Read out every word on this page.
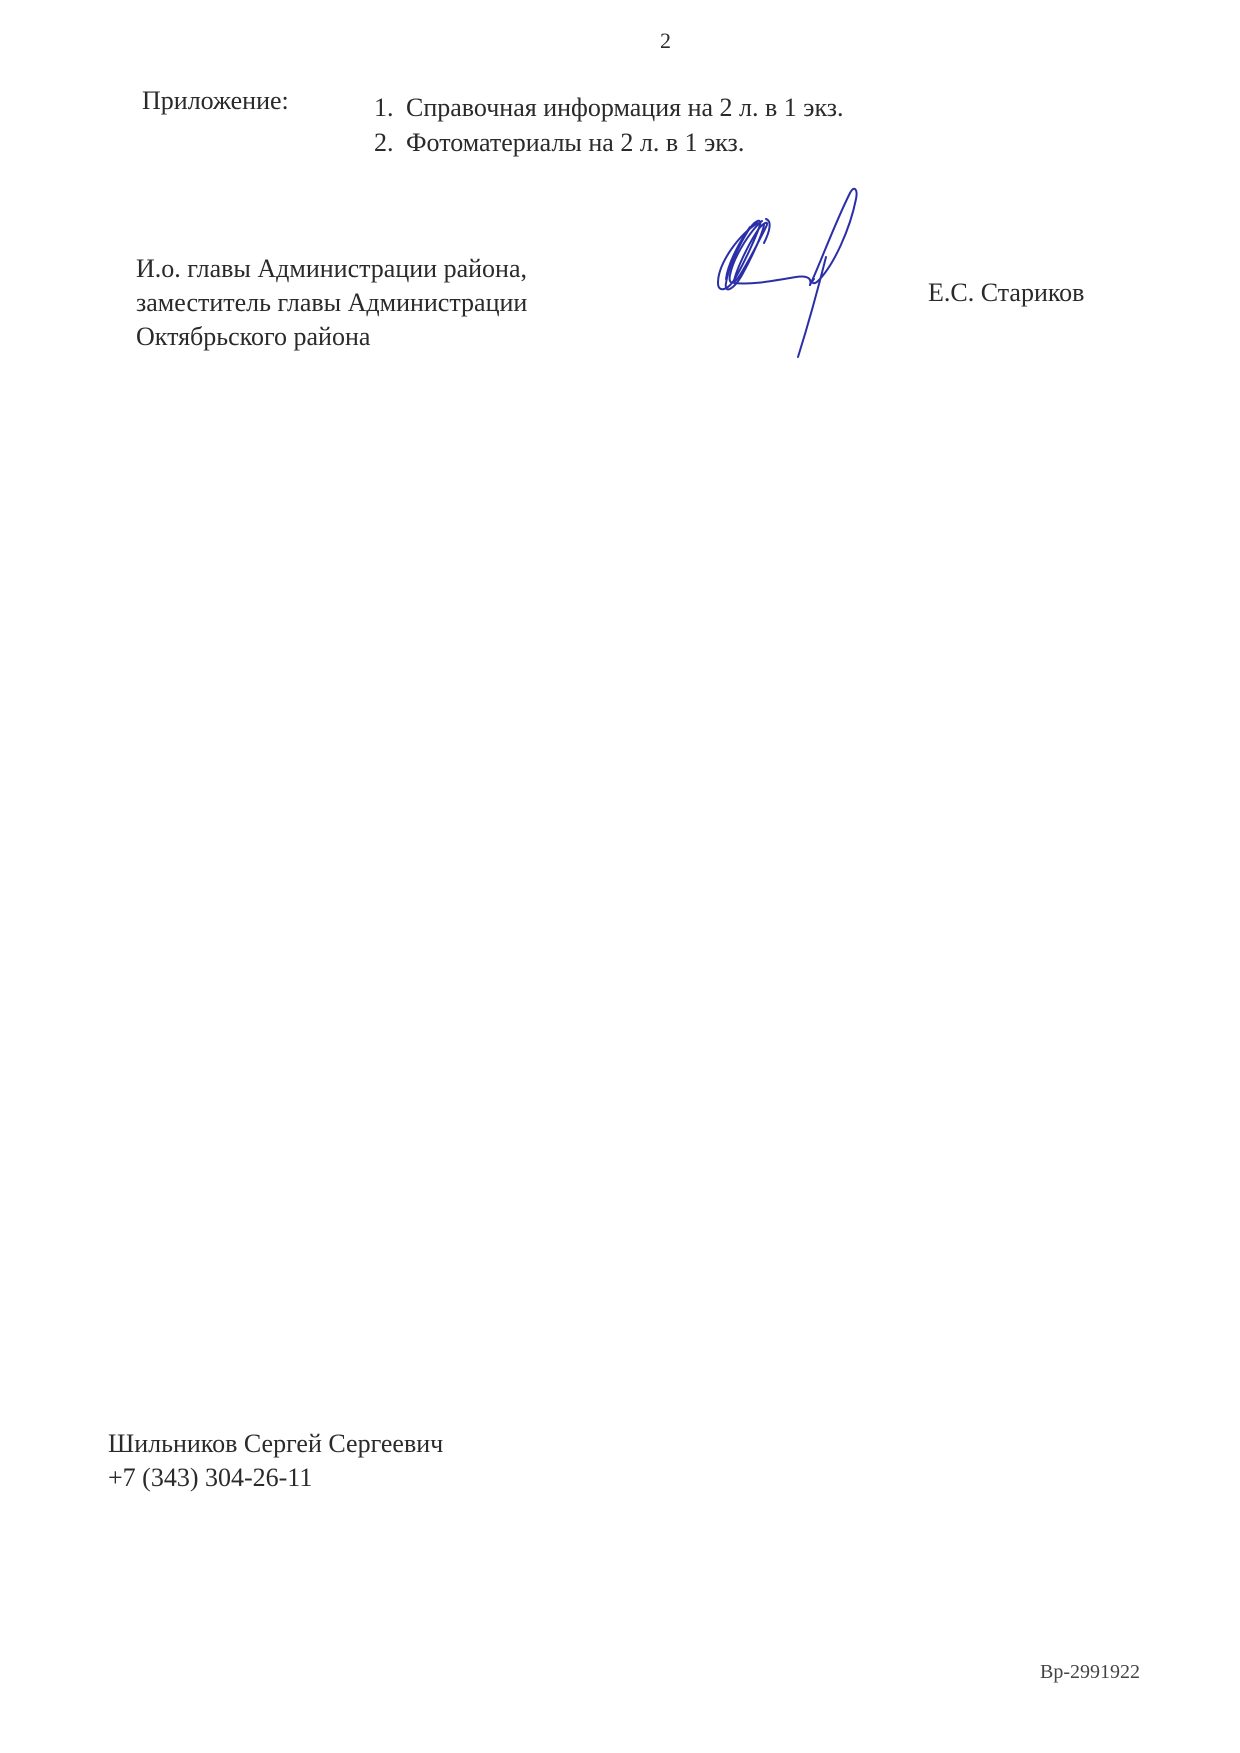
2
Приложение:	1. Справочная информация на 2 л. в 1 экз.
2. Фотоматериалы на 2 л. в 1 экз.
И.о. главы Администрации района,
заместитель главы Администрации
Октябрьского района
Е.С. Стариков
Шильников Сергей Сергеевич
+7 (343) 304-26-11
Вр-2991922
